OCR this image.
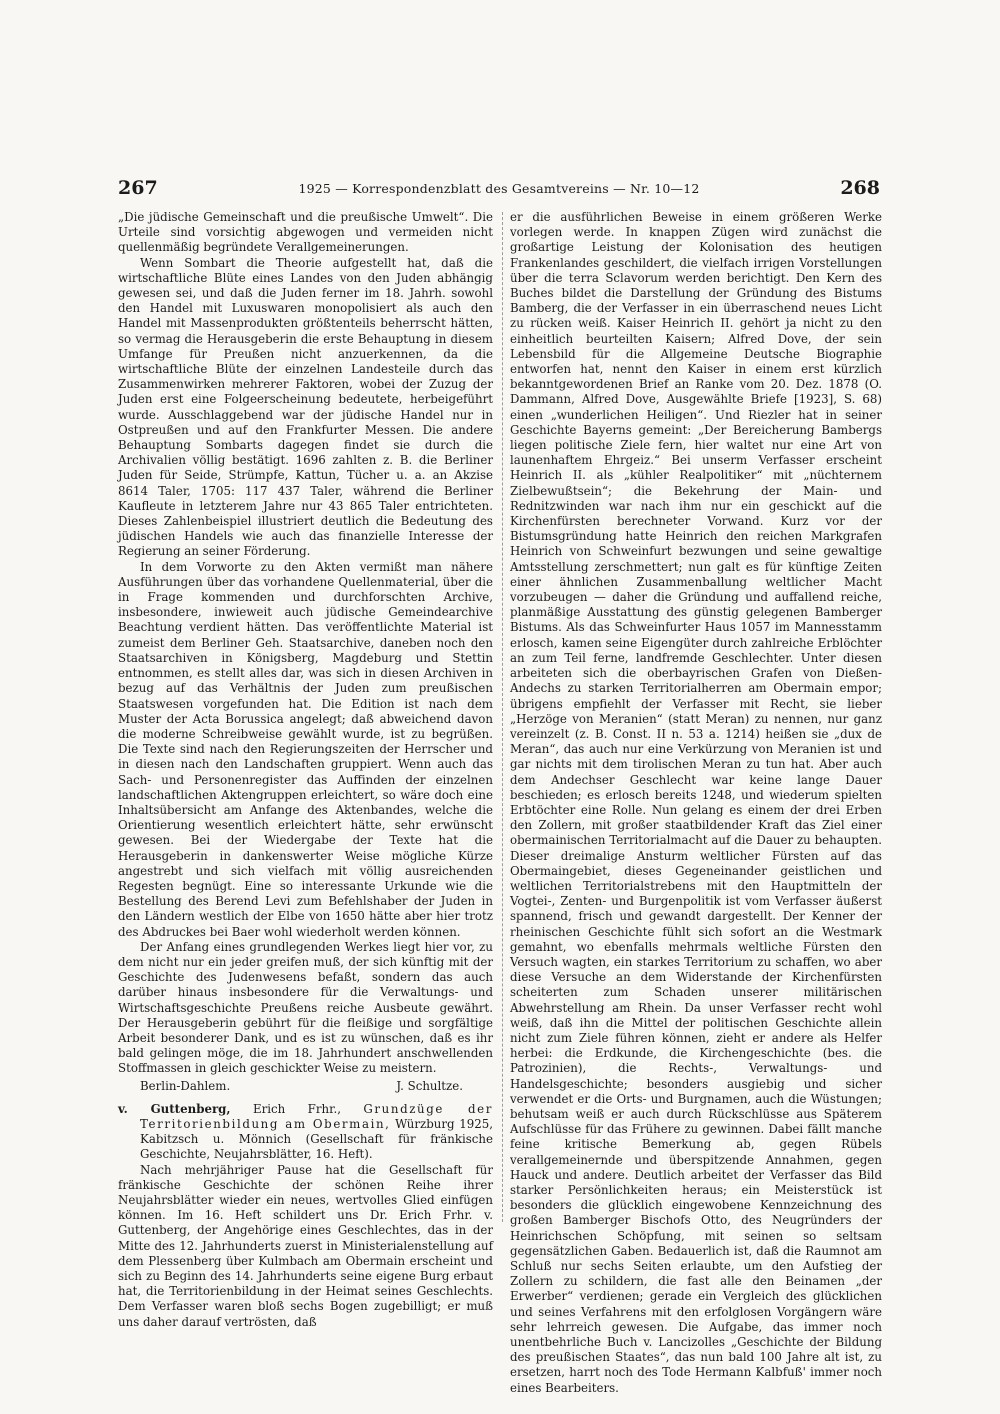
267	1925 — Korrespondenzblatt des Gesamtvereins — Nr. 10—12	268

„Die jüdische Gemeinschaft und die preußische Umwelt“. Die Urteile sind vorsichtig abgewogen und vermeiden nicht quellenmäßig begründete Verallgemeinerungen.

Wenn Sombart die Theorie aufgestellt hat, daß die wirtschaftliche Blüte eines Landes von den Juden abhängig gewesen sei, und daß die Juden ferner im 18. Jahrh. sowohl den Handel mit Luxuswaren monopolisiert als auch den Handel mit Massenprodukten größtenteils beherrscht hätten, so vermag die Herausgeberin die erste Behauptung in diesem Umfange für Preußen nicht anzuerkennen, da die wirtschaftliche Blüte der einzelnen Landesteile durch das Zusammenwirken mehrerer Faktoren, wobei der Zuzug der Juden erst eine Folgeerscheinung bedeutete, herbeigeführt wurde. Ausschlaggebend war der jüdische Handel nur in Ostpreußen und auf den Frankfurter Messen. Die andere Behauptung Sombarts dagegen findet sie durch die Archivalien völlig bestätigt. 1696 zahlten z. B. die Berliner Juden für Seide, Strümpfe, Kattun, Tücher u. a. an Akzise 8614 Taler, 1705: 117 437 Taler, während die Berliner Kaufleute in letzterem Jahre nur 43 865 Taler entrichteten. Dieses Zahlenbeispiel illustriert deutlich die Bedeutung des jüdischen Handels wie auch das finanzielle Interesse der Regierung an seiner Förderung.

In dem Vorworte zu den Akten vermißt man nähere Ausführungen über das vorhandene Quellenmaterial, über die in Frage kommenden und durchforschten Archive, insbesondere, inwieweit auch jüdische Gemeindearchive Beachtung verdient hätten. Das veröffentlichte Material ist zumeist dem Berliner Geh. Staatsarchive, daneben noch den Staatsarchiven in Königsberg, Magdeburg und Stettin entnommen, es stellt alles dar, was sich in diesen Archiven in bezug auf das Verhältnis der Juden zum preußischen Staatswesen vorgefunden hat. Die Edition ist nach dem Muster der Acta Borussica angelegt; daß abweichend davon die moderne Schreibweise gewählt wurde, ist zu begrüßen. Die Texte sind nach den Regierungszeiten der Herrscher und in diesen nach den Landschaften gruppiert. Wenn auch das Sach- und Personenregister das Auffinden der einzelnen landschaftlichen Aktengruppen erleichtert, so wäre doch eine Inhaltsübersicht am Anfange des Aktenbandes, welche die Orientierung wesentlich erleichtert hätte, sehr erwünscht gewesen. Bei der Wiedergabe der Texte hat die Herausgeberin in dankenswerter Weise mögliche Kürze angestrebt und sich vielfach mit völlig ausreichenden Regesten begnügt. Eine so interessante Urkunde wie die Bestellung des Berend Levi zum Befehlshaber der Juden in den Ländern westlich der Elbe von 1650 hätte aber hier trotz des Abdruckes bei Baer wohl wiederholt werden können.

Der Anfang eines grundlegenden Werkes liegt hier vor, zu dem nicht nur ein jeder greifen muß, der sich künftig mit der Geschichte des Judenwesens befaßt, sondern das auch darüber hinaus insbesondere für die Verwaltungs- und Wirtschaftsgeschichte Preußens reiche Ausbeute gewährt. Der Herausgeberin gebührt für die fleißige und sorgfältige Arbeit besonderer Dank, und es ist zu wünschen, daß es ihr bald gelingen möge, die im 18. Jahrhundert anschwellenden Stoffmassen in gleich geschickter Weise zu meistern.

Berlin-Dahlem.	J. Schultze.

v. Guttenberg, Erich Frhr., Grundzüge der Territorienbildung am Obermain, Würzburg 1925, Kabitzsch u. Mönnich (Gesellschaft für fränkische Geschichte, Neujahrsblätter, 16. Heft).

Nach mehrjähriger Pause hat die Gesellschaft für fränkische Geschichte der schönen Reihe ihrer Neujahrsblätter wieder ein neues, wertvolles Glied einfügen können. Im 16. Heft schildert uns Dr. Erich Frhr. v. Guttenberg, der Angehörige eines Geschlechtes, das in der Mitte des 12. Jahrhunderts zuerst in Ministerialenstellung auf dem Plessenberg über Kulmbach am Obermain erscheint und sich zu Beginn des 14. Jahrhunderts seine eigene Burg erbaut hat, die Territorienbildung in der Heimat seines Geschlechts. Dem Verfasser waren bloß sechs Bogen zugebilligt; er muß uns daher darauf vertrösten, daß

er die ausführlichen Beweise in einem größeren Werke vorlegen werde. In knappen Zügen wird zunächst die großartige Leistung der Kolonisation des heutigen Frankenlandes geschildert, die vielfach irrigen Vorstellungen über die terra Sclavorum werden berichtigt. Den Kern des Buches bildet die Darstellung der Gründung des Bistums Bamberg, die der Verfasser in ein überraschend neues Licht zu rücken weiß. Kaiser Heinrich II. gehört ja nicht zu den einheitlich beurteilten Kaisern; Alfred Dove, der sein Lebensbild für die Allgemeine Deutsche Biographie entworfen hat, nennt den Kaiser in einem erst kürzlich bekanntgewordenen Brief an Ranke vom 20. Dez. 1878 (O. Dammann, Alfred Dove, Ausgewählte Briefe [1923], S. 68) einen „wunderlichen Heiligen“. Und Riezler hat in seiner Geschichte Bayerns gemeint: „Der Bereicherung Bambergs liegen politische Ziele fern, hier waltet nur eine Art von launenhaftem Ehrgeiz.“ Bei unserm Verfasser erscheint Heinrich II. als „kühler Realpolitiker“ mit „nüchternem Zielbewußtsein“; die Bekehrung der Main- und Rednitzwinden war nach ihm nur ein geschickt auf die Kirchenfürsten berechneter Vorwand. Kurz vor der Bistumsgründung hatte Heinrich den reichen Markgrafen Heinrich von Schweinfurt bezwungen und seine gewaltige Amtsstellung zerschmettert; nun galt es für künftige Zeiten einer ähnlichen Zusammenballung weltlicher Macht vorzubeugen — daher die Gründung und auffallend reiche, planmäßige Ausstattung des günstig gelegenen Bamberger Bistums. Als das Schweinfurter Haus 1057 im Mannesstamm erlosch, kamen seine Eigengüter durch zahlreiche Erblöchter an zum Teil ferne, landfremde Geschlechter. Unter diesen arbeiteten sich die oberbayrischen Grafen von Dießen-Andechs zu starken Territorialherren am Obermain empor; übrigens empfiehlt der Verfasser mit Recht, sie lieber „Herzöge von Meranien“ (statt Meran) zu nennen, nur ganz vereinzelt (z. B. Const. II n. 53 a. 1214) heißen sie „dux de Meran“, das auch nur eine Verkürzung von Meranien ist und gar nichts mit dem tirolischen Meran zu tun hat. Aber auch dem Andechser Geschlecht war keine lange Dauer beschieden; es erlosch bereits 1248, und wiederum spielten Erbtöchter eine Rolle. Nun gelang es einem der drei Erben den Zollern, mit großer staatbildender Kraft das Ziel einer obermainischen Territorialmacht auf die Dauer zu behaupten. Dieser dreimalige Ansturm weltlicher Fürsten auf das Obermaingebiet, dieses Gegeneinander geistlichen und weltlichen Territorialstrebens mit den Hauptmitteln der Vogtei-, Zenten- und Burgenpolitik ist vom Verfasser äußerst spannend, frisch und gewandt dargestellt. Der Kenner der rheinischen Geschichte fühlt sich sofort an die Westmark gemahnt, wo ebenfalls mehrmals weltliche Fürsten den Versuch wagten, ein starkes Territorium zu schaffen, wo aber diese Versuche an dem Widerstande der Kirchenfürsten scheiterten zum Schaden unserer militärischen Abwehrstellung am Rhein. Da unser Verfasser recht wohl weiß, daß ihn die Mittel der politischen Geschichte allein nicht zum Ziele führen können, zieht er andere als Helfer herbei: die Erdkunde, die Kirchengeschichte (bes. die Patrozinien), die Rechts-, Verwaltungs- und Handelsgeschichte; besonders ausgiebig und sicher verwendet er die Orts- und Burgnamen, auch die Wüstungen; behutsam weiß er auch durch Rückschlüsse aus Späterem Aufschlüsse für das Frühere zu gewinnen. Dabei fällt manche feine kritische Bemerkung ab, gegen Rübels verallgemeinernde und überspitzende Annahmen, gegen Hauck und andere. Deutlich arbeitet der Verfasser das Bild starker Persönlichkeiten heraus; ein Meisterstück ist besonders die glücklich eingewobene Kennzeichnung des großen Bamberger Bischofs Otto, des Neugründers der Heinrichschen Schöpfung, mit seinen so seltsam gegensätzlichen Gaben. Bedauerlich ist, daß die Raumnot am Schluß nur sechs Seiten erlaubte, um den Aufstieg der Zollern zu schildern, die fast alle den Beinamen „der Erwerber“ verdienen; gerade ein Vergleich des glücklichen und seines Verfahrens mit den erfolglosen Vorgängern wäre sehr lehrreich gewesen. Die Aufgabe, das immer noch unentbehrliche Buch v. Lancizolles „Geschichte der Bildung des preußischen Staates“, das nun bald 100 Jahre alt ist, zu ersetzen, harrt noch des Tode Hermann Kalbfuß' immer noch eines Bearbeiters.
